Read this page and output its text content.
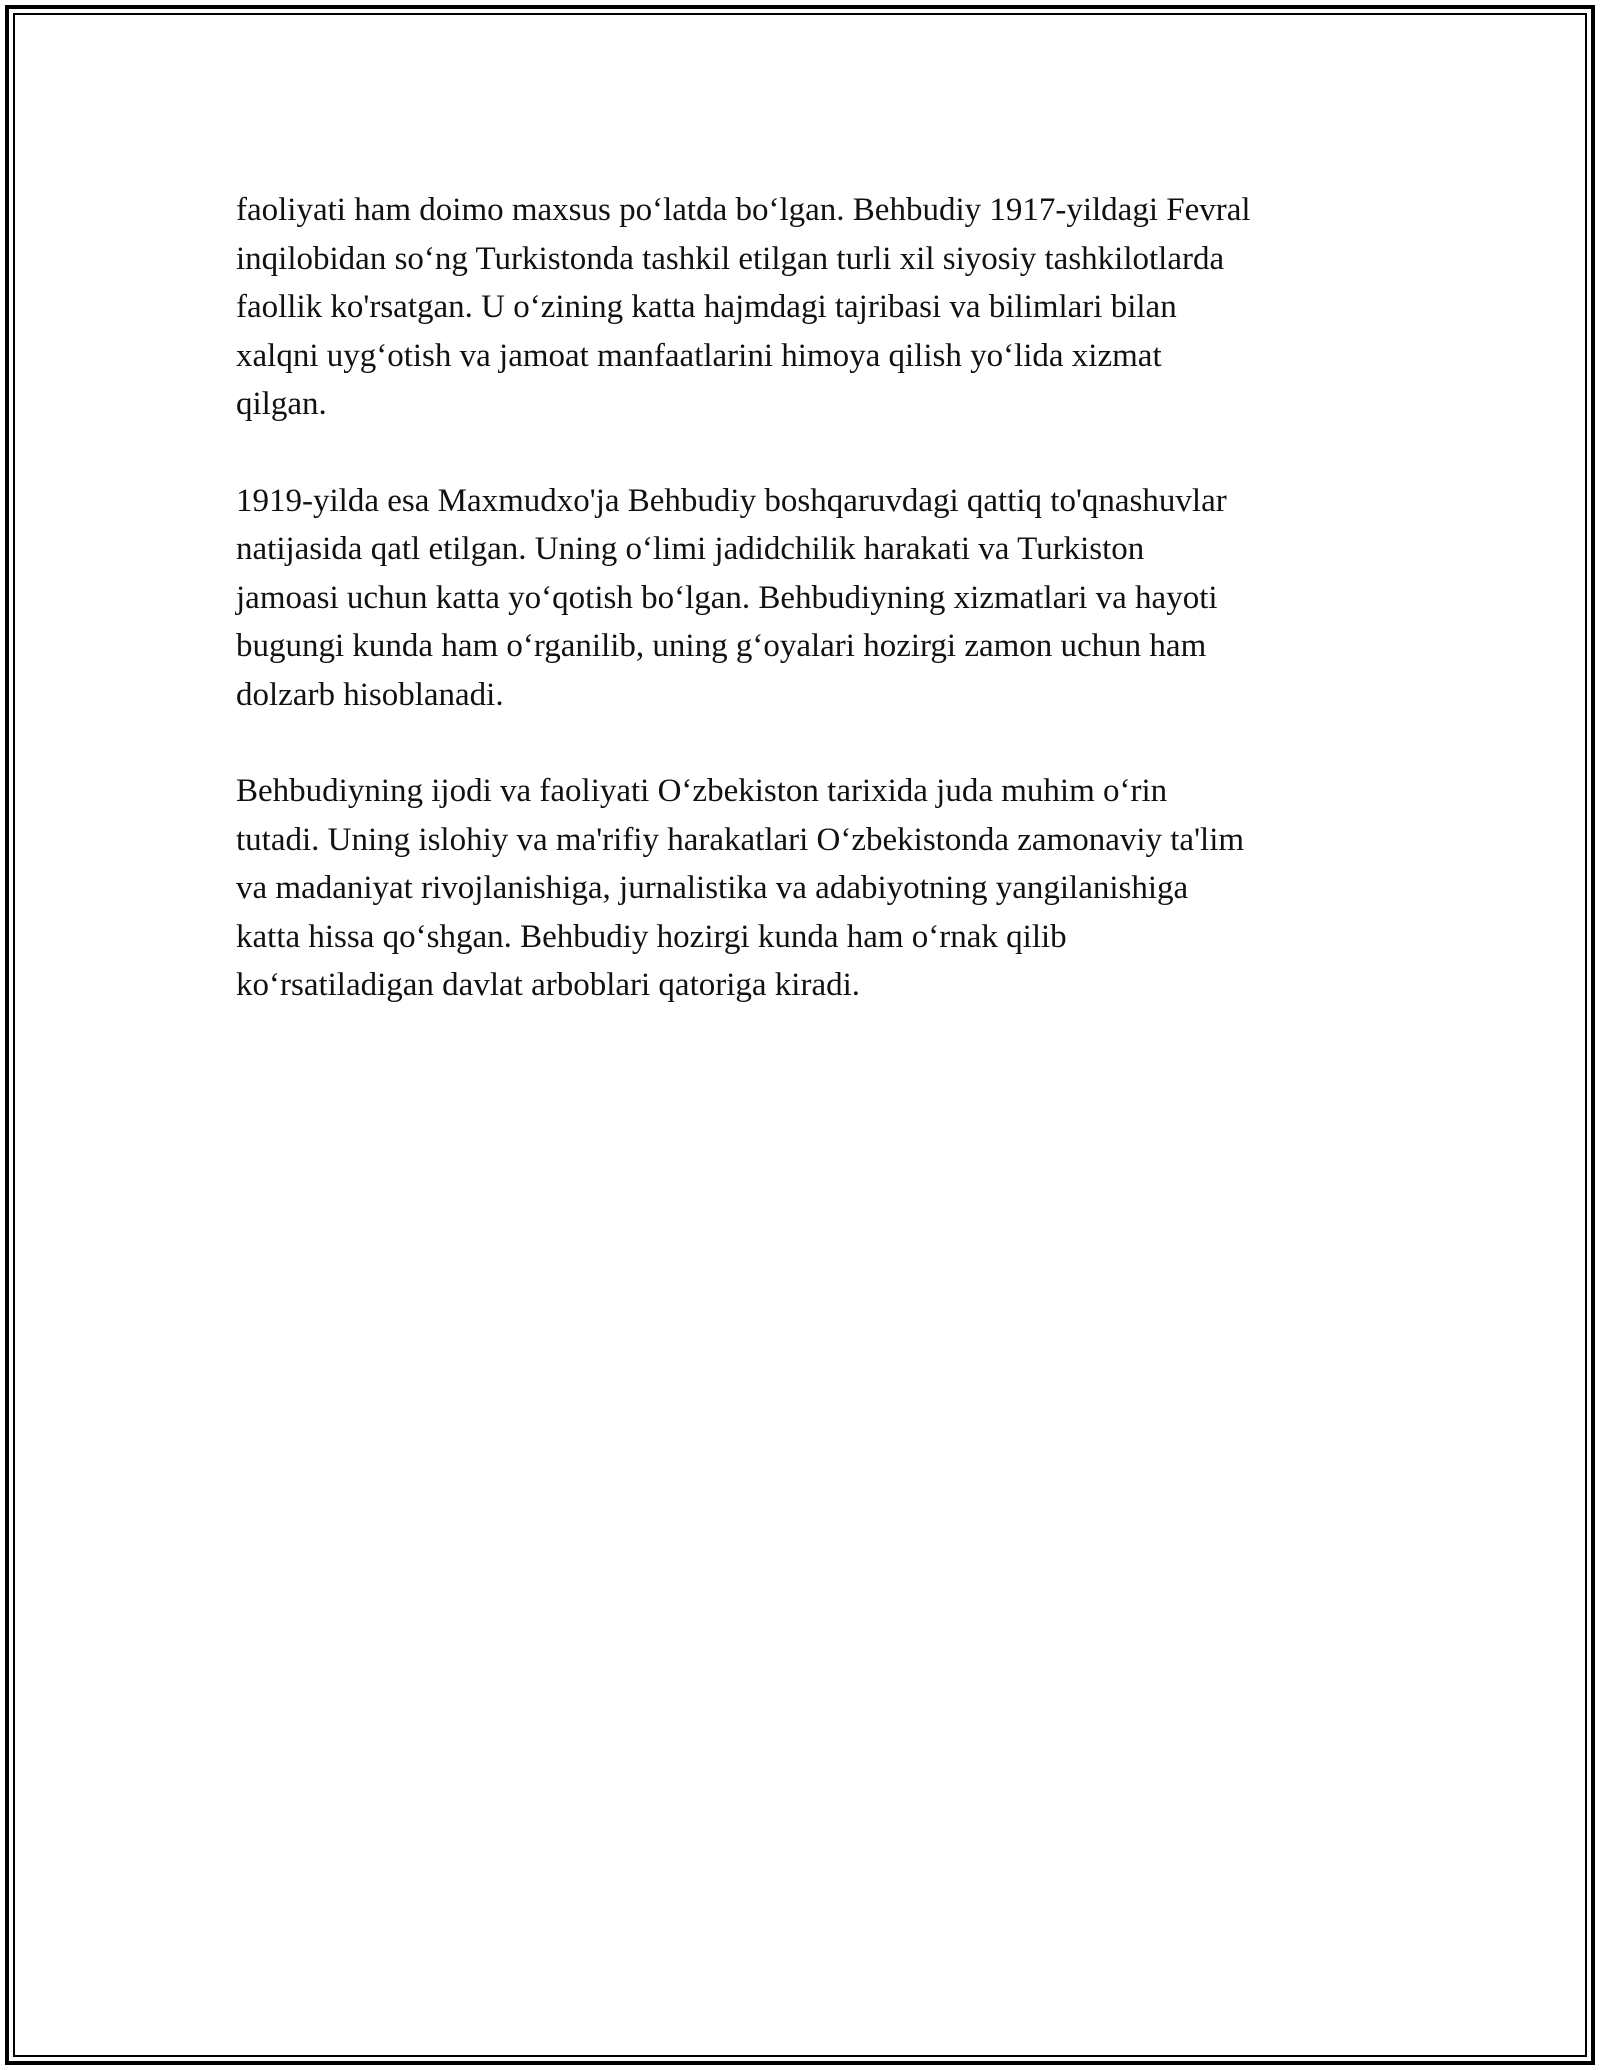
faoliyati ham doimo maxsus po‘latda bo‘lgan. Behbudiy 1917-yildagi Fevral
inqilobidan so‘ng Turkistonda tashkil etilgan turli xil siyosiy tashkilotlarda
faollik ko'rsatgan. U o‘zining katta hajmdagi tajribasi va bilimlari bilan
xalqni uyg‘otish va jamoat manfaatlarini himoya qilish yo‘lida xizmat
qilgan.

1919-yilda esa Maxmudxo'ja Behbudiy boshqaruvdagi qattiq to'qnashuvlar
natijasida qatl etilgan. Uning o‘limi jadidchilik harakati va Turkiston
jamoasi uchun katta yo‘qotish bo‘lgan. Behbudiyning xizmatlari va hayoti
bugungi kunda ham o‘rganilib, uning g‘oyalari hozirgi zamon uchun ham
dolzarb hisoblanadi.

Behbudiyning ijodi va faoliyati O‘zbekiston tarixida juda muhim o‘rin
tutadi. Uning islohiy va ma'rifiy harakatlari O‘zbekistonda zamonaviy ta'lim
va madaniyat rivojlanishiga, jurnalistika va adabiyotning yangilanishiga
katta hissa qo‘shgan. Behbudiy hozirgi kunda ham o‘rnak qilib
ko‘rsatiladigan davlat arboblari qatoriga kiradi.
